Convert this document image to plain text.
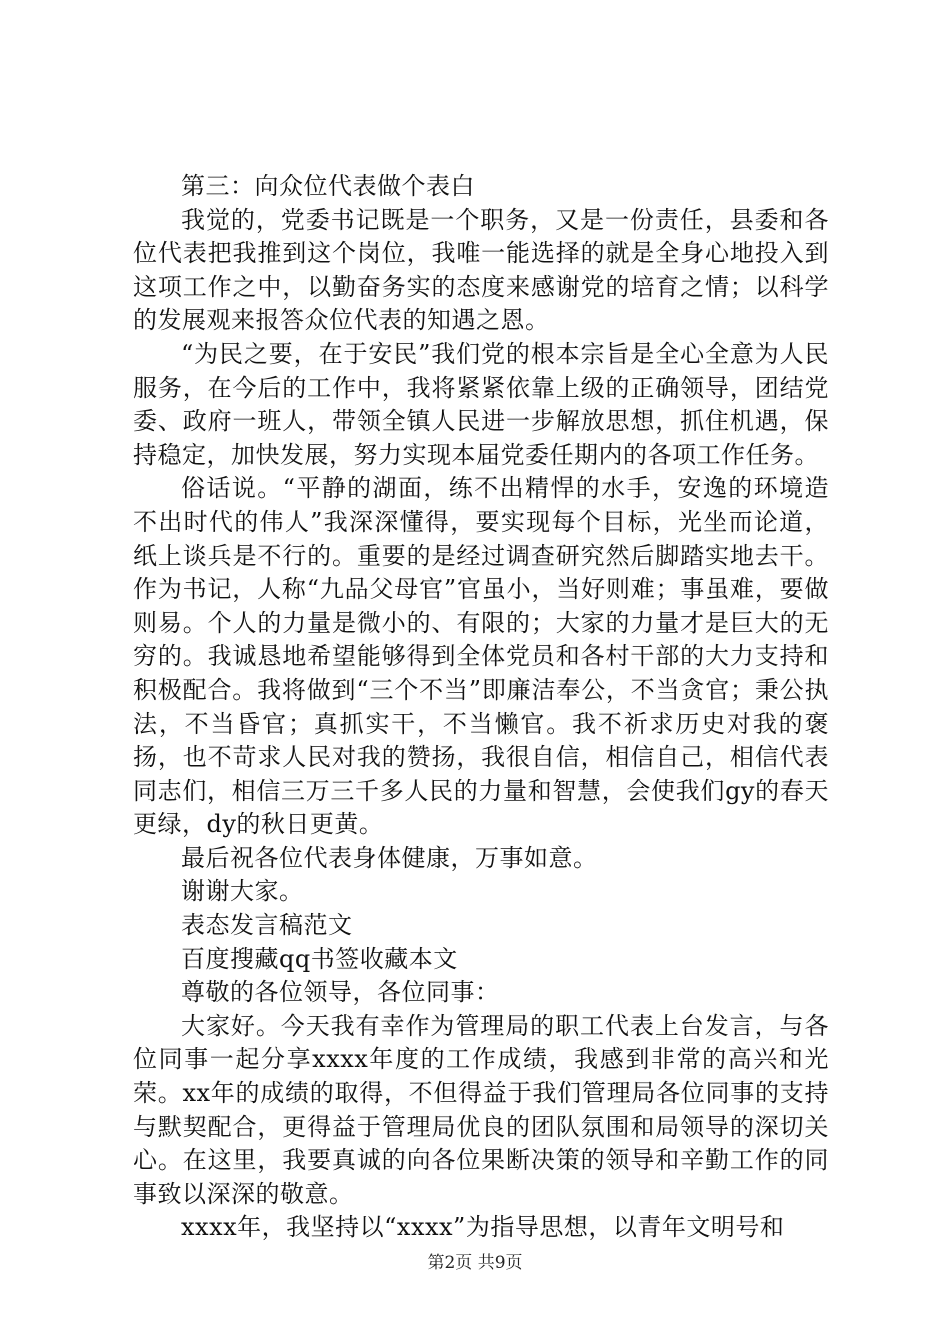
第三：向众位代表做个表白

我觉的，党委书记既是一个职务，又是一份责任，县委和各位代表把我推到这个岗位，我唯一能选择的就是全身心地投入到这项工作之中，以勤奋务实的态度来感谢党的培育之情；以科学的发展观来报答众位代表的知遇之恩。

“为民之要，在于安民”我们党的根本宗旨是全心全意为人民服务，在今后的工作中，我将紧紧依靠上级的正确领导，团结党委、政府一班人，带领全镇人民进一步解放思想，抓住机遇，保持稳定，加快发展，努力实现本届党委任期内的各项工作任务。

俗话说。“平静的湖面，练不出精悍的水手，安逸的环境造不出时代的伟人”我深深懂得，要实现每个目标，光坐而论道，纸上谈兵是不行的。重要的是经过调查研究然后脚踏实地去干。作为书记，人称“九品父母官”官虽小，当好则难；事虽难，要做则易。个人的力量是微小的、有限的；大家的力量才是巨大的无穷的。我诚恳地希望能够得到全体党员和各村干部的大力支持和积极配合。我将做到“三个不当”即廉洁奉公，不当贪官；秉公执法，不当昏官；真抓实干，不当懒官。我不祈求历史对我的褒扬，也不苛求人民对我的赞扬，我很自信，相信自己，相信代表同志们，相信三万三千多人民的力量和智慧，会使我们gy的春天更绿，dy的秋日更黄。

最后祝各位代表身体健康，万事如意。

谢谢大家。

表态发言稿范文

百度搜藏qq书签收藏本文

尊敬的各位领导，各位同事：

大家好。今天我有幸作为管理局的职工代表上台发言，与各位同事一起分享xxxx年度的工作成绩，我感到非常的高兴和光荣。xx年的成绩的取得，不但得益于我们管理局各位同事的支持与默契配合，更得益于管理局优良的团队氛围和局领导的深切关心。在这里，我要真诚的向各位果断决策的领导和辛勤工作的同事致以深深的敬意。

xxxx年，我坚持以“xxxx”为指导思想，以青年文明号和

第2页 共9页
